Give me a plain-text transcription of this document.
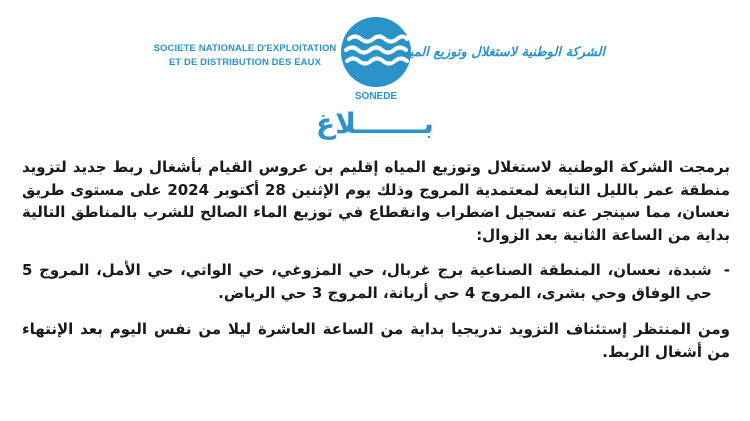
SOCIETE NATIONALE D'EXPLOITATION
ET DE DISTRIBUTION DES EAUX
SONEDE
الشركة الوطنية لاستغلال وتوزيع المياه
بـــــــلاغ

برمجت الشركة الوطنية لاستغلال وتوزيع المياه إقليم بن عروس القيام بأشغال ربط جديد لتزويد منطقة عمر بالليل التابعة لمعتمدية المروج وذلك يوم الإثنين 28 أكتوبر 2024 على مستوى طريق نعسان، مما سينجر عنه تسجيل اضطراب وانقطاع في توزيع الماء الصالح للشرب بالمناطق التالية بداية من الساعة الثانية بعد الزوال:

-
شبدة، نعسان، المنطقة الصناعية برج غربال، حي المزوغي، حي الواتي، حي الأمل، المروج 5 حي الوفاق وحي بشرى، المروج 4 حي أريانة، المروج 3 حي الرياض.

ومن المنتظر إستئناف التزويد تدريجيا بداية من الساعة العاشرة ليلا من نفس اليوم بعد الإنتهاء من أشغال الربط.
